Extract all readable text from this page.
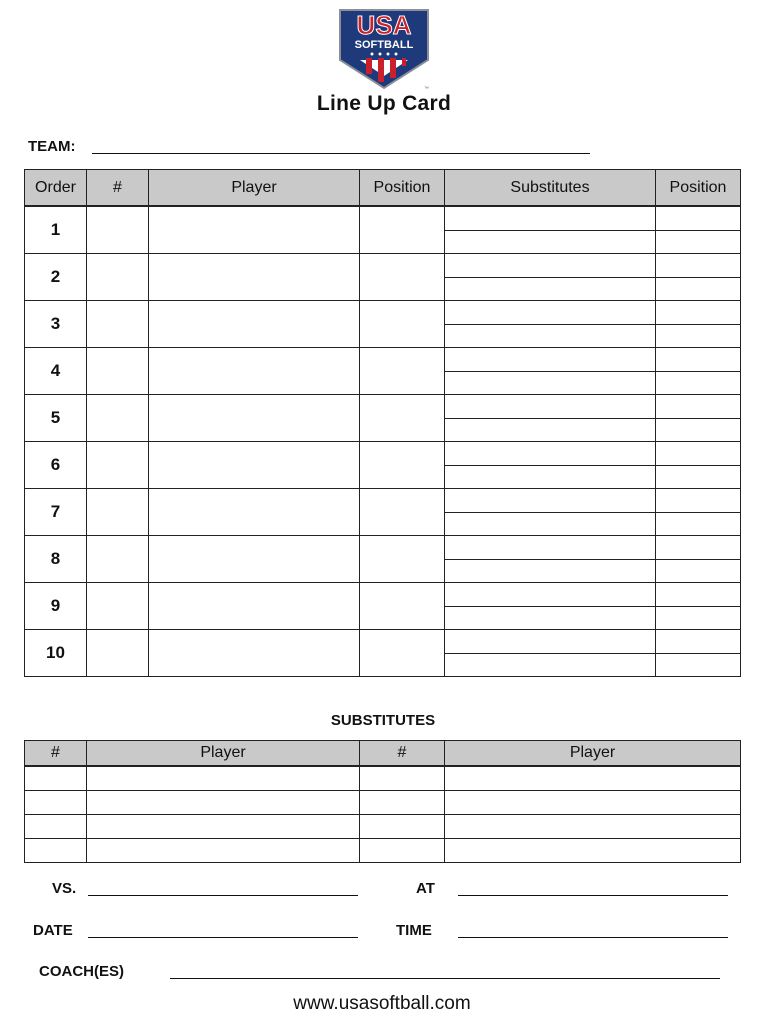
USA
SOFTBALL
™
Line Up Card
TEAM:
Order	#	Player	Position	Substitutes	Position
1					

2					

3					

4					

5					

6					

7					

8					

9					

10					

SUBSTITUTES
#	Player	#	Player

VS.	AT
DATE	TIME
COACH(ES)
www.usasoftball.com
